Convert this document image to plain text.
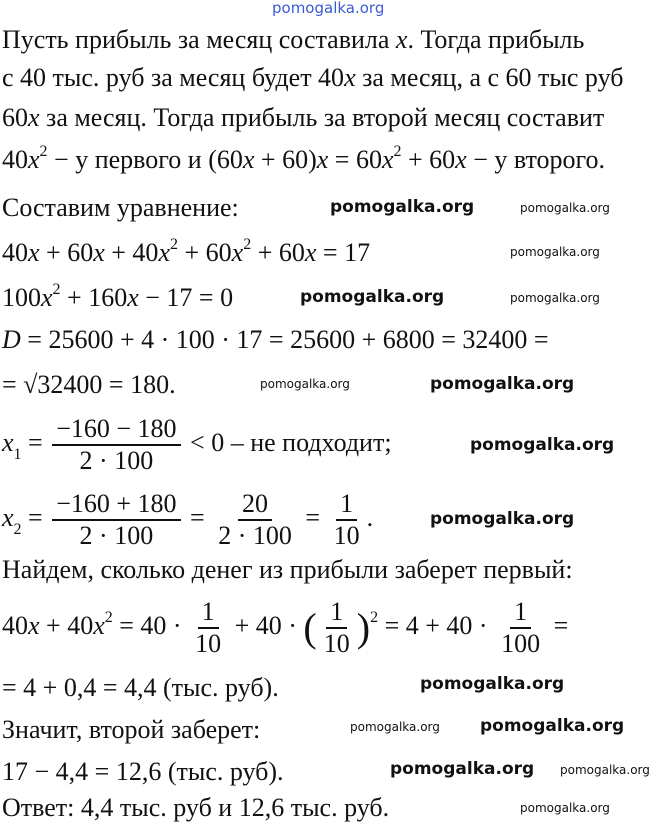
Пусть прибыль за месяц составила x. Тогда прибыль
с 40 тыс. руб за месяц будет 40x за месяц, а с 60 тыс руб
60x за месяц. Тогда прибыль за второй месяц составит
$40x^2 - у$ первого и $(60x + 60)x = 60x^2 + 60x - у$ второго.
Составим уравнение:
$40x + 60x + 40x^2 + 60x^2 + 60x = 17$
$100x^2 + 160x - 17 = 0$
D = 25600 + 4 · 100 · 17 = 25600 + 6800 = 32400 =
= √32400 = 180.
$x_1 = \frac{-160 - 180}{2 \cdot 100} < 0$ – не подходит;
$x_2 = \frac{-160 + 180}{2 \cdot 100} = \frac{20}{2 \cdot 100} = \frac{1}{10}$ .
Найдем, сколько денег из прибыли заберет первый:
$40x + 40x^2 = 40 \cdot \frac{1}{10} + 40$ · ( $\frac{1}{10} )^2 = 4 + 40 \cdot \frac{1}{100}$ =
= 4 + 0,4 = 4,4 (тыс. руб).
Значит, второй заберет:
17 − 4,4 = 12,6 (тыс. руб).
Ответ: 4,4 тыс. руб и 12,6 тыс. руб.
pomogalka.org
pomogalka.org	pomogalka.org
pomogalka.org
pomogalka.org	pomogalka.org
pomogalka.org	pomogalka.org
pomogalka.org
pomogalka.org
pomogalka.org
pomogalka.org pomogalka.org
pomogalka.org pomogalka.org
pomogalka.org
